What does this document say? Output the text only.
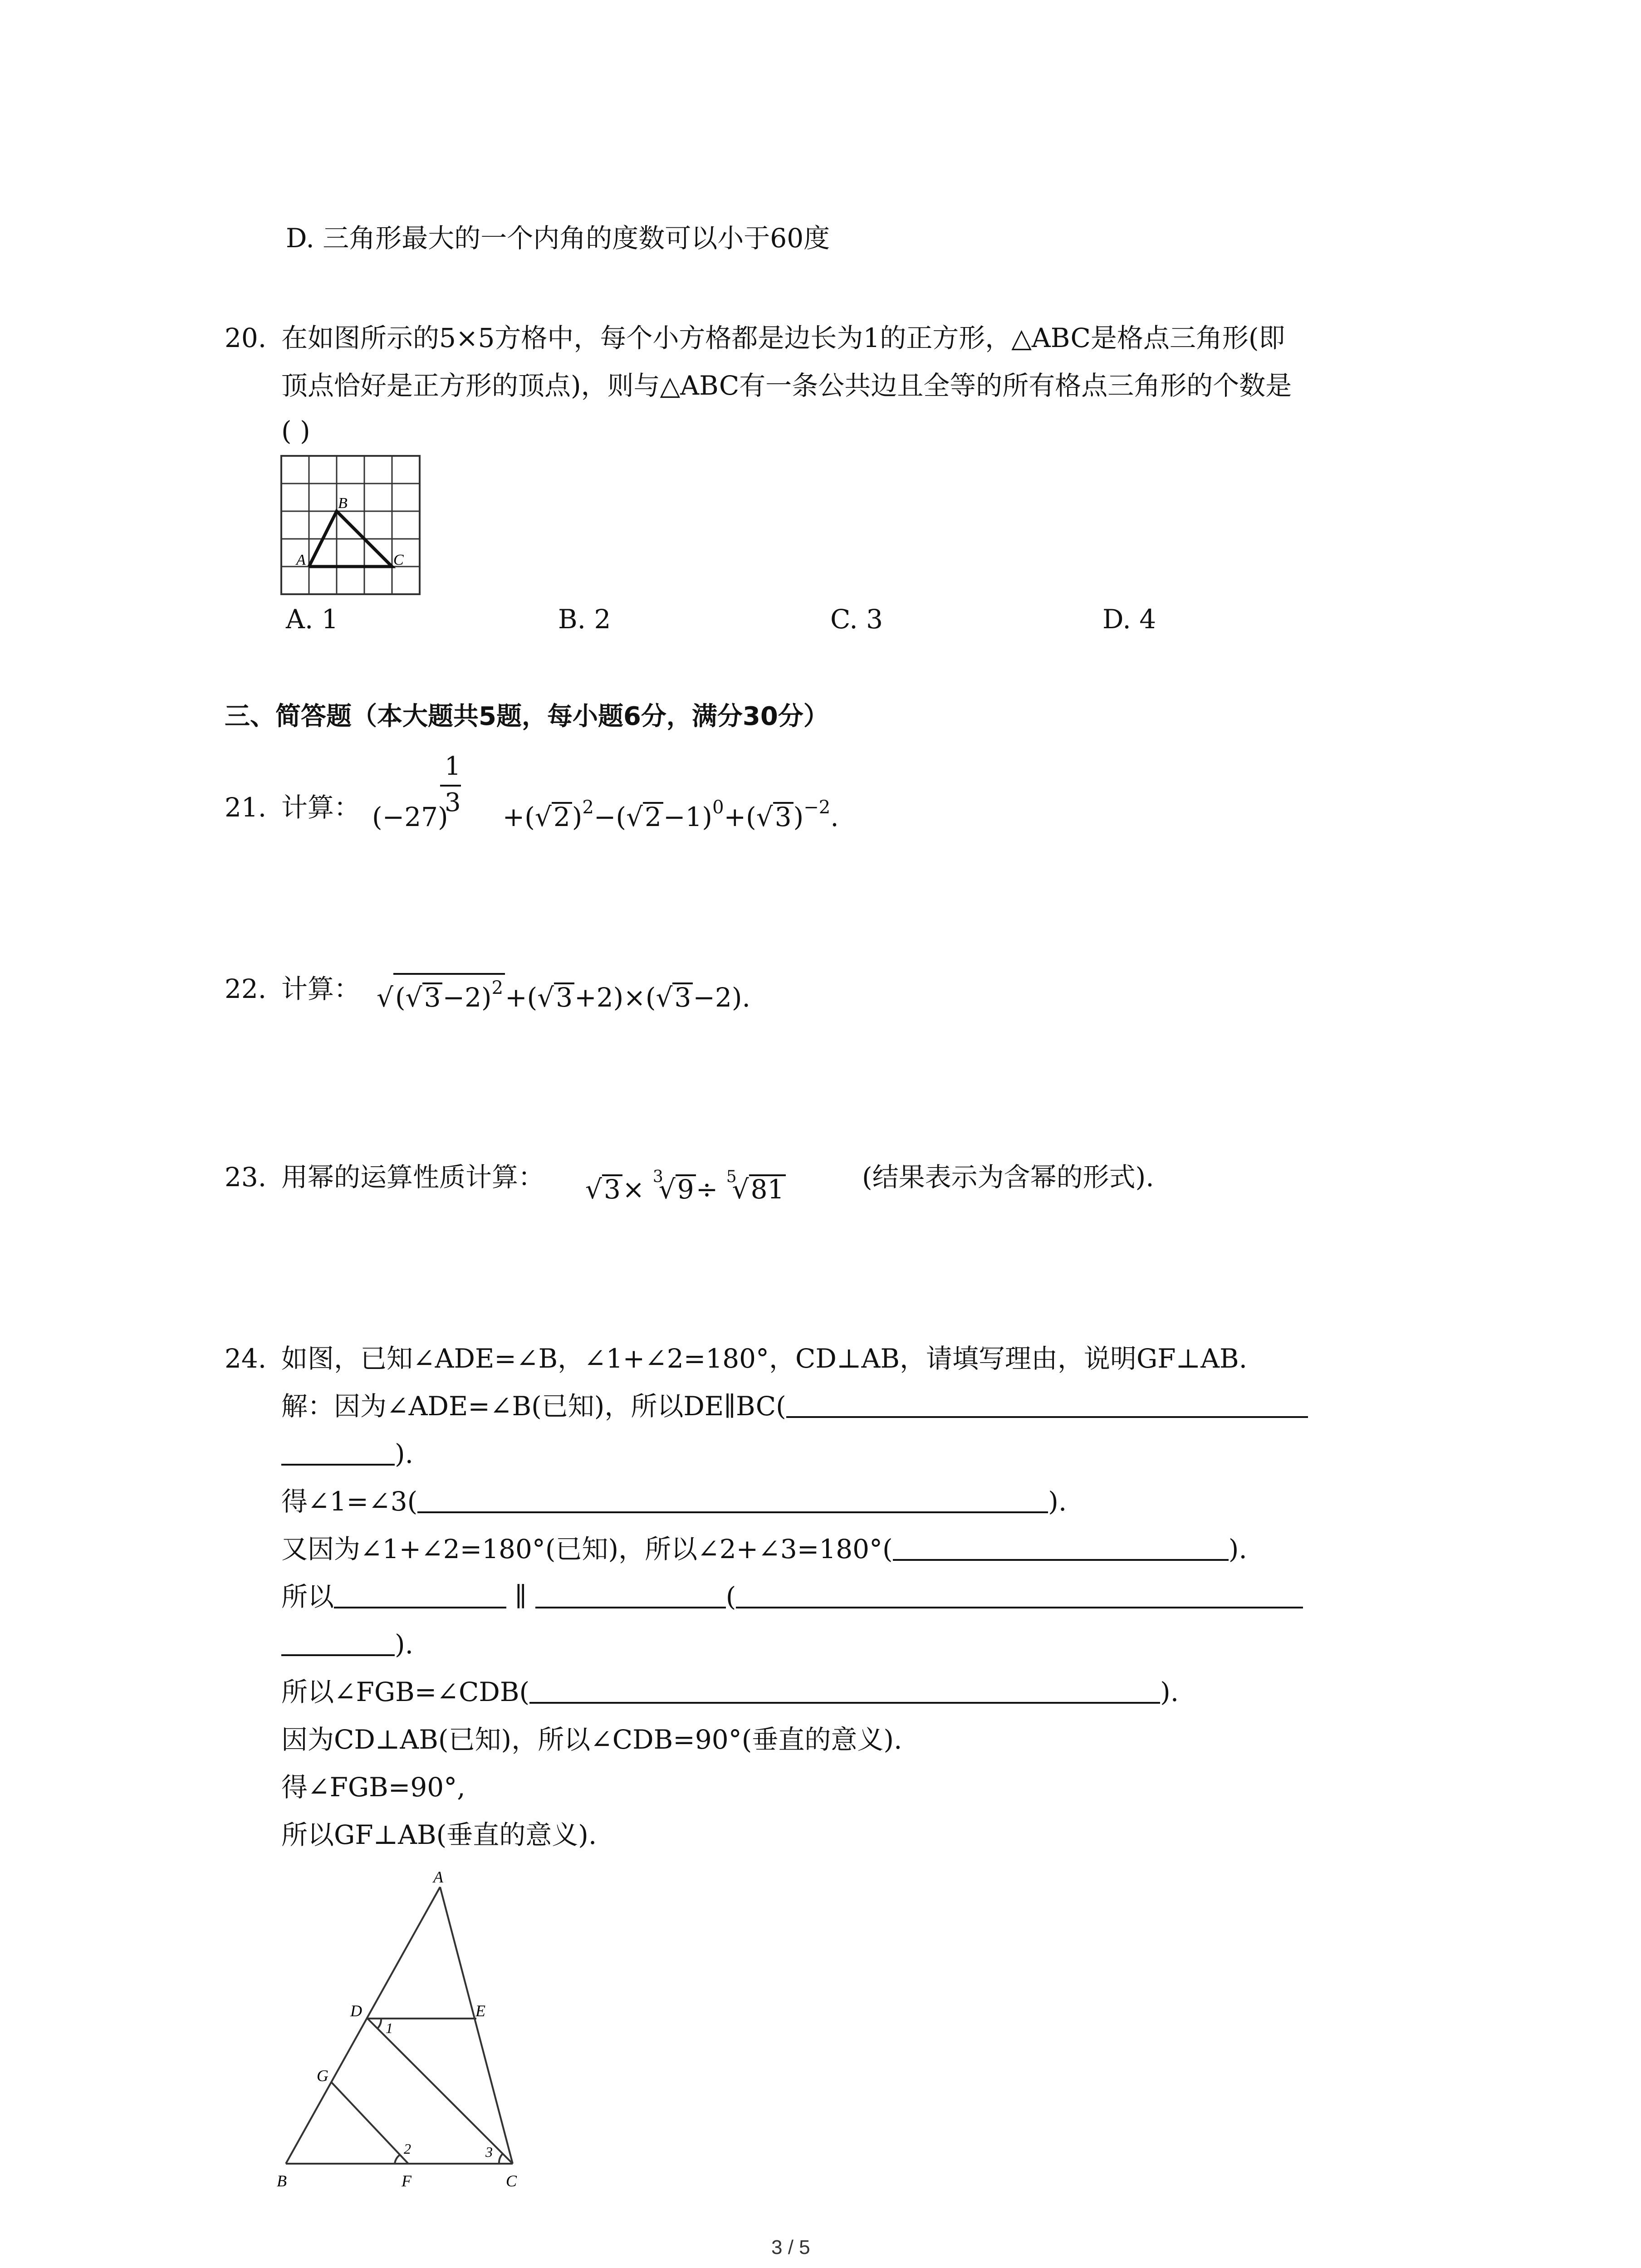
D. 三角形最大的一个内角的度数可以小于60度
20. 在如图所示的5×5方格中，每个小方格都是边长为1的正方形，△ABC是格点三角形(即
顶点恰好是正方形的顶点)，则与△ABC有一条公共边且全等的所有格点三角形的个数是
( )
A
B
C
A. 1	B. 2	C. 3	D. 4
三、简答题（本大题共5题，每小题6分，满分30分）
21. 计算：
1
3
$(-27) +(√2)^2-(√2-1)^0+(√3)^{-2}$.
22. 计算： $√(√3-2)^2+(√3+2)\times(√3-2)$.
23. 用幂的运算性质计算： √3× $^3$√9÷ $^5$√81	(结果表示为含幂的形式).
24. 如图，已知∠ADE=∠B，∠1+∠2=180°，CD⊥AB，请填写理由，说明GF⊥AB.
解：因为∠ADE=∠B(已知)，所以DE∥BC(
).
得∠1=∠3(	).
又因为∠1+∠2=180°(已知)，所以∠2+∠3=180°(	).
所以	∥	(
).
所以∠FGB=∠CDB(	).
因为CD⊥AB(已知)，所以∠CDB=90°(垂直的意义).
得∠FGB=90°,
所以GF⊥AB(垂直的意义).
A
D	E
G
B	F	C
1
2	3
3 / 5
